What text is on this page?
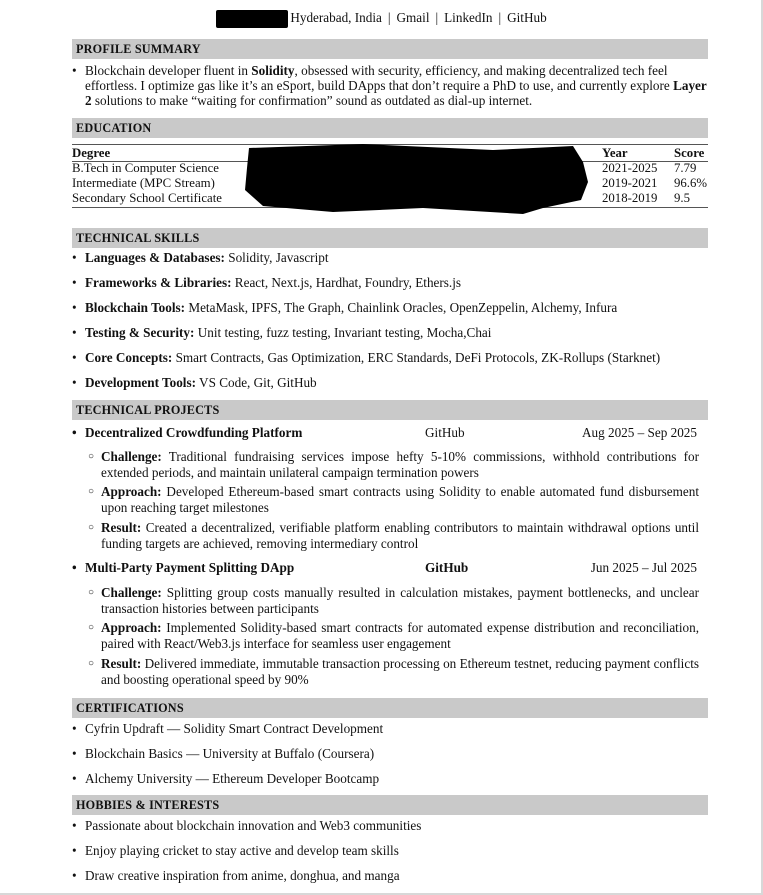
Hyderabad, India | Gmail | LinkedIn | GitHub
PROFILE SUMMARY
• Blockchain developer fluent in Solidity, obsessed with security, efficiency, and making decentralized tech feel effortless. I optimize gas like it’s an eSport, build DApps that don’t require a PhD to use, and currently explore Layer 2 solutions to make “waiting for confirmation” sound as outdated as dial-up internet.
EDUCATION
Degree	Year	Score
B.Tech in Computer Science	2021-2025	7.79
Intermediate (MPC Stream)	2019-2021	96.6%
Secondary School Certificate	2018-2019	9.5
TECHNICAL SKILLS
• Languages & Databases: Solidity, Javascript
• Frameworks & Libraries: React, Next.js, Hardhat, Foundry, Ethers.js
• Blockchain Tools: MetaMask, IPFS, The Graph, Chainlink Oracles, OpenZeppelin, Alchemy, Infura
• Testing & Security: Unit testing, fuzz testing, Invariant testing, Mocha,Chai
• Core Concepts: Smart Contracts, Gas Optimization, ERC Standards, DeFi Protocols, ZK-Rollups (Starknet)
• Development Tools: VS Code, Git, GitHub
TECHNICAL PROJECTS
• Decentralized Crowdfunding Platform	GitHub	Aug 2025 – Sep 2025
○ Challenge: Traditional fundraising services impose hefty 5-10% commissions, withhold contributions for extended periods, and maintain unilateral campaign termination powers
○ Approach: Developed Ethereum-based smart contracts using Solidity to enable automated fund disbursement upon reaching target milestones
○ Result: Created a decentralized, verifiable platform enabling contributors to maintain withdrawal options until funding targets are achieved, removing intermediary control
• Multi-Party Payment Splitting DApp	GitHub	Jun 2025 – Jul 2025
○ Challenge: Splitting group costs manually resulted in calculation mistakes, payment bottlenecks, and unclear transaction histories between participants
○ Approach: Implemented Solidity-based smart contracts for automated expense distribution and reconciliation, paired with React/Web3.js interface for seamless user engagement
○ Result: Delivered immediate, immutable transaction processing on Ethereum testnet, reducing payment conflicts and boosting operational speed by 90%
CERTIFICATIONS
• Cyfrin Updraft — Solidity Smart Contract Development
• Blockchain Basics — University at Buffalo (Coursera)
• Alchemy University — Ethereum Developer Bootcamp
HOBBIES & INTERESTS
• Passionate about blockchain innovation and Web3 communities
• Enjoy playing cricket to stay active and develop team skills
• Draw creative inspiration from anime, donghua, and manga
